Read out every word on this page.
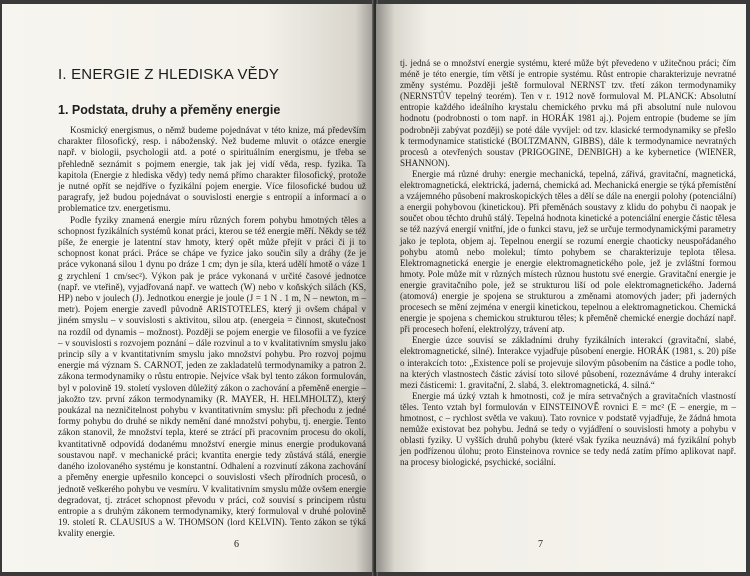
I. ENERGIE Z HLEDISKA VĚDY
1. Podstata, druhy a přeměny energie

Kosmický energismus, o němž budeme pojednávat v této knize, má především charakter filosofický, resp. i náboženský. Než budeme mluvit o otázce energie např. v biologii, psychologii atd. a poté o spirituálním energismu, je třeba se přehledně seznámit s pojmem energie, tak jak jej vidí věda, resp. fyzika. Ta kapitola (Energie z hlediska vědy) tedy nemá přímo charakter filosofický, protože je nutné opřít se nejdříve o fyzikální pojem energie. Více filosofické budou už paragrafy, jež budou pojednávat o souvislosti energie s entropií a informací a o problematice tzv. energetismu.

Podle fyziky znamená energie míru různých forem pohybu hmotných těles a schopnost fyzikálních systémů konat práci, kterou se též energie měří. Někdy se též píše, že energie je latentní stav hmoty, který opět může přejít v práci či ji to schopnost konat práci. Práce se chápe ve fyzice jako součin síly a dráhy (že je práce vykonaná silou 1 dynu po dráze 1 cm; dyn je síla, která udělí hmotě o váze 1 g zrychlení 1 cm/sec²). Výkon pak je práce vykonaná v určité časové jednotce (např. ve vteřině), vyjadřovaná např. ve wattech (W) nebo v koňských silách (KS, HP) nebo v joulech (J). Jednotkou energie je joule (J = 1 N . 1 m, N – newton, m – metr). Pojem energie zavedl původně ARISTOTELES, který ji ovšem chápal v jiném smyslu – v souvislosti s aktivitou, silou atp. (energeia = činnost, skutečnost na rozdíl od dynamis – možnost). Později se pojem energie ve filosofii a ve fyzice – v souvislosti s rozvojem poznání – dále rozvinul a to v kvalitativním smyslu jako princip síly a v kvantitativním smyslu jako množství pohybu. Pro rozvoj pojmu energie má význam S. CARNOT, jeden ze zakladatelů termodynamiky a patron 2. zákona termodynamiky o růstu entropie. Nejvíce však byl tento zákon formulován, byl v polovině 19. století vysloven důležitý zákon o zachování a přeměně energie – jakožto tzv. první zákon termodynamiky (R. MAYER, H. HELMHOLTZ), který poukázal na nezničitelnost pohybu v kvantitativním smyslu: při přechodu z jedné formy pohybu do druhé se nikdy nemění dané množství pohybu, tj. energie. Tento zákon stanovil, že množství tepla, které se ztrácí při pracovním procesu do okolí, kvantitativně odpovídá dodanému množství energie minus energie produkovaná soustavou např. v mechanické práci; kvantita energie tedy zůstává stálá, energie daného izolovaného systému je konstantní. Odhalení a rozvinutí zákona zachování a přeměny energie upřesnilo koncepci o souvislosti všech přírodních procesů, o jednotě veškerého pohybu ve vesmíru. V kvalitativním smyslu může ovšem energie degradovat, tj. ztrácet schopnost převodu v práci, což souvisí s principem růstu entropie a s druhým zákonem termodynamiky, který formuloval v druhé polovině 19. století R. CLAUSIUS a W. THOMSON (lord KELVIN). Tento zákon se týká kvality energie.

6

tj. jedná se o množství energie systému, které může být převedeno v užitečnou práci; čím méně je této energie, tím větší je entropie systému. Růst entropie charakterizuje nevratné změny systému. Později ještě formuloval NERNST tzv. třetí zákon termodynamiky (NERNSTŮV tepelný teorém). Ten v r. 1912 nově formuloval M. PLANCK: Absolutní entropie každého ideálního krystalu chemického prvku má při absolutní nule nulovou hodnotu (podrobnosti o tom např. in HORÁK 1981 aj.). Pojem entropie (budeme se jím podrobněji zabývat později) se poté dále vyvíjel: od tzv. klasické termodynamiky se přešlo k termodynamice statistické (BOLTZMANN, GIBBS), dále k termodynamice nevratných procesů a otevřených soustav (PRIGOGINE, DENBIGH) a ke kybernetice (WIENER, SHANNON).

Energie má různé druhy: energie mechanická, tepelná, zářivá, gravitační, magnetická, elektromagnetická, elektrická, jaderná, chemická ad. Mechanická energie se týká přemístění a vzájemného působení makroskopických těles a dělí se dále na energii polohy (potenciální) a energii pohybovou (kinetickou). Při přeměnách soustavy z klidu do pohybu či naopak je součet obou těchto druhů stálý. Tepelná hodnota kinetické a potenciální energie částic tělesa se též nazývá energií vnitřní, jde o funkci stavu, jež se určuje termodynamickými parametry jako je teplota, objem aj. Tepelnou energií se rozumí energie chaoticky neuspořádaného pohybu atomů nebo molekul; tímto pohybem se charakterizuje teplota tělesa. Elektromagnetická energie je energie elektromagnetického pole, jež je zvláštní formou hmoty. Pole může mít v různých místech různou hustotu své energie. Gravitační energie je energie gravitačního pole, jež se strukturou liší od pole elektromagnetického. Jaderná (atomová) energie je spojena se strukturou a změnami atomových jader; při jaderných procesech se mění zejména v energii kinetickou, tepelnou a elektromagnetickou. Chemická energie je spojena s chemickou strukturou těles; k přeměně chemické energie dochází např. při procesech hoření, elektrolýzy, trávení atp.

Energie úzce souvisí se základními druhy fyzikálních interakcí (gravitační, slabé, elektromagnetické, silné). Interakce vyjadřuje působení energie. HORÁK (1981, s. 20) píše o interakcích toto: „Existence polí se projevuje silovým působením na částice a podle toho, na kterých vlastnostech částic závisí toto silové působení, rozeznáváme 4 druhy interakcí mezi částicemi: 1. gravitační, 2. slabá, 3. elektromagnetická, 4. silná.“

Energie má úzký vztah k hmotnosti, což je míra setrvačných a gravitačních vlastností těles. Tento vztah byl formulován v EINSTEINOVĚ rovnici E = mc² (E – energie, m – hmotnost, c – rychlost světla ve vakuu). Tato rovnice v podstatě vyjadřuje, že žádná hmota nemůže existovat bez pohybu. Jedná se tedy o vyjádření o souvislosti hmoty a pohybu v oblasti fyziky. U vyšších druhů pohybu (které však fyzika neuznává) má fyzikální pohyb jen podřízenou úlohu; proto Einsteinova rovnice se tedy nedá zatím přímo aplikovat např. na procesy biologické, psychické, sociální.

7
